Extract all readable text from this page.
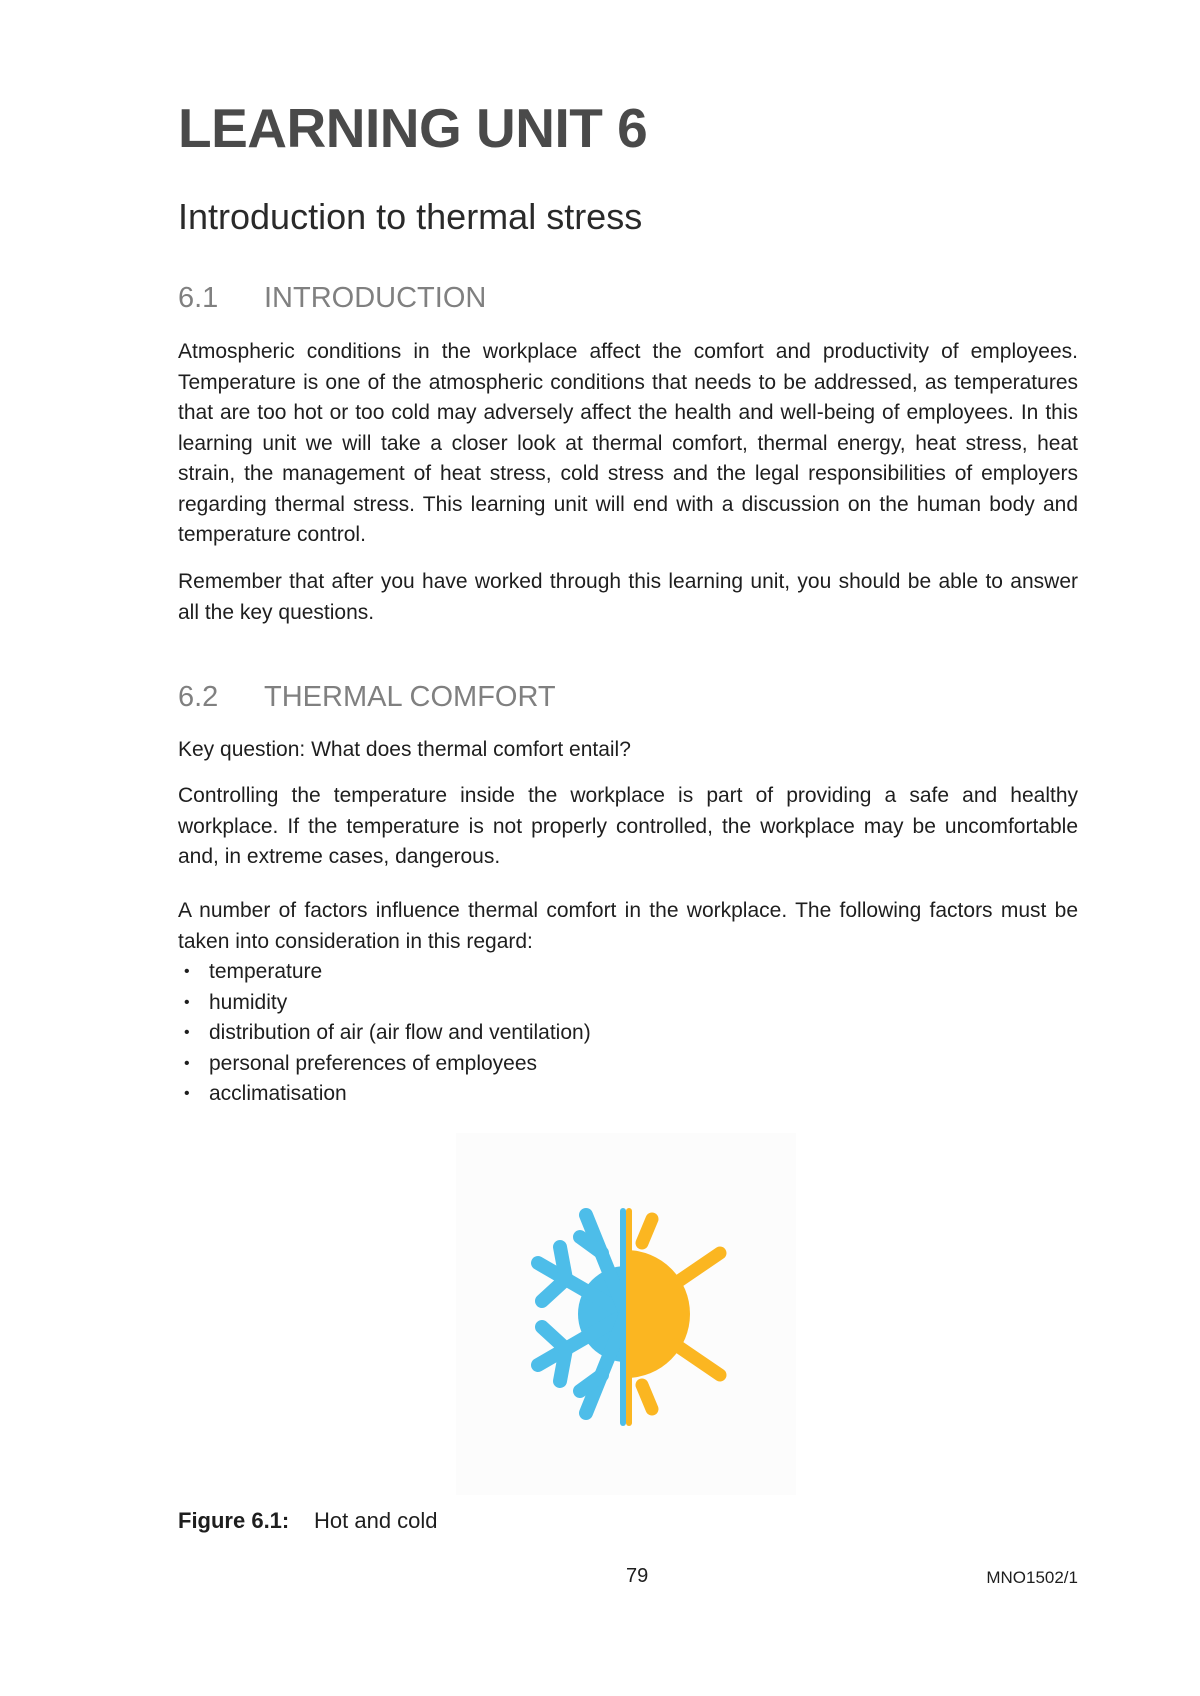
LEARNING UNIT 6
Introduction to thermal stress
6.1 INTRODUCTION

Atmospheric conditions in the workplace affect the comfort and productivity of employees. Temperature is one of the atmospheric conditions that needs to be addressed, as temperatures that are too hot or too cold may adversely affect the health and well-being of employees. In this learning unit we will take a closer look at thermal comfort, thermal energy, heat stress, heat strain, the management of heat stress, cold stress and the legal responsibilities of employers regarding thermal stress. This learning unit will end with a discussion on the human body and temperature control.

Remember that after you have worked through this learning unit, you should be able to answer all the key questions.

6.2 THERMAL COMFORT

Key question: What does thermal comfort entail?

Controlling the temperature inside the workplace is part of providing a safe and healthy workplace. If the temperature is not properly controlled, the workplace may be uncomfortable and, in extreme cases, dangerous.

A number of factors influence thermal comfort in the workplace. The following factors must be taken into consideration in this regard:

• temperature
• humidity
• distribution of air (air flow and ventilation)
• personal preferences of employees
• acclimatisation

Figure 6.1: Hot and cold

79	MNO1502/1
